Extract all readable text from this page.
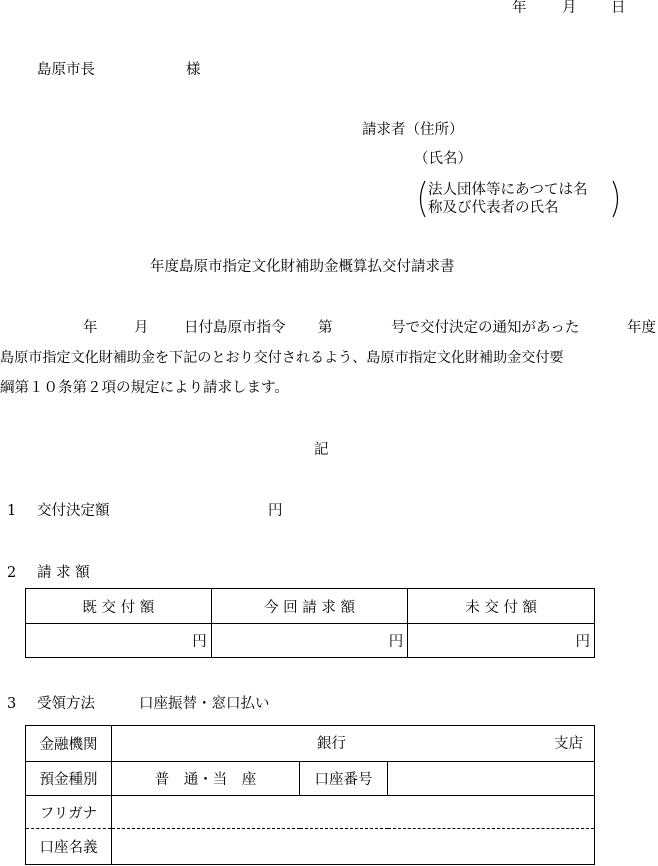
年 月 日
島原市長	様
請求者（住所）
（氏名）
法人団体等にあつては名
称及び代表者の氏名
年度島原市指定文化財補助金概算払交付請求書
年	月 日付島原市指令 第	号で交付決定の通知があった	年度
島原市指定文化財補助金を下記のとおり交付されるよう、島原市指定文化財補助金交付要
綱第１０条第２項の規定により請求します。
記
1 交付決定額	円
2 請 求 額
既 交 付 額	今 回 請 求 額	未 交 付 額
円	円	円
3 受領方法	口座振替・窓口払い
金融機関	銀行 支店		

預金種別	普　通・当　座	口座番号	
フリガナ			
口座名義			
